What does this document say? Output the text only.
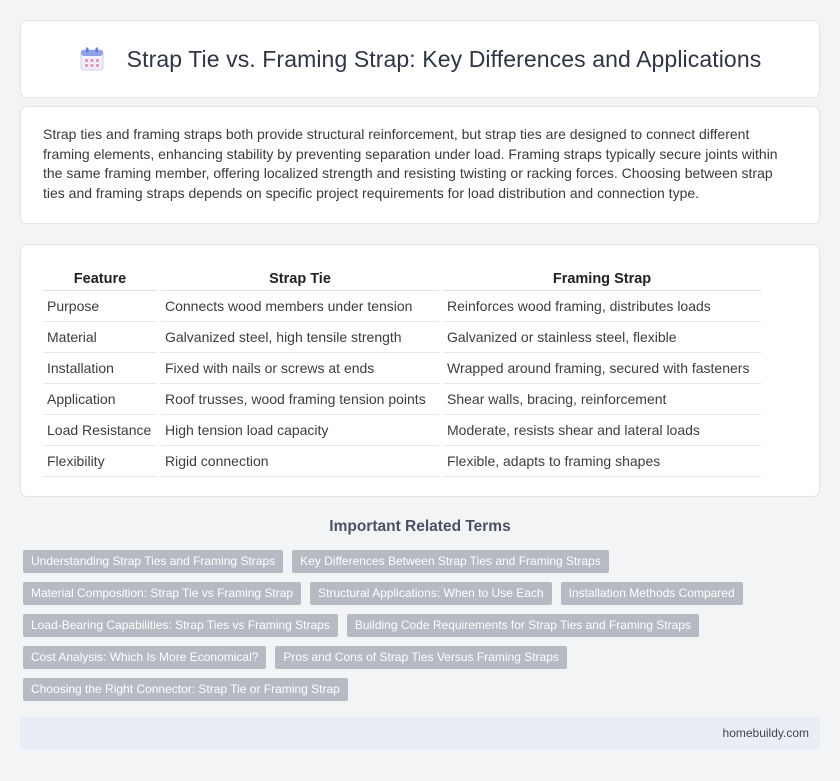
Strap Tie vs. Framing Strap: Key Differences and Applications

Strap ties and framing straps both provide structural reinforcement, but strap ties are designed to connect different framing elements, enhancing stability by preventing separation under load. Framing straps typically secure joints within the same framing member, offering localized strength and resisting twisting or racking forces. Choosing between strap ties and framing straps depends on specific project requirements for load distribution and connection type.

Feature	Strap Tie	Framing Strap
Purpose	Connects wood members under tension	Reinforces wood framing, distributes loads
Material	Galvanized steel, high tensile strength	Galvanized or stainless steel, flexible
Installation	Fixed with nails or screws at ends	Wrapped around framing, secured with fasteners
Application	Roof trusses, wood framing tension points	Shear walls, bracing, reinforcement
Load Resistance	High tension load capacity	Moderate, resists shear and lateral loads
Flexibility	Rigid connection	Flexible, adapts to framing shapes
Important Related Terms
Understanding Strap Ties and Framing Straps	Key Differences Between Strap Ties and Framing Straps
Material Composition: Strap Tie vs Framing Strap	Structural Applications: When to Use Each	Installation Methods Compared
Load-Bearing Capabilities: Strap Ties vs Framing Straps	Building Code Requirements for Strap Ties and Framing Straps
Cost Analysis: Which Is More Economical?	Pros and Cons of Strap Ties Versus Framing Straps
Choosing the Right Connector: Strap Tie or Framing Strap
homebuildy.com
